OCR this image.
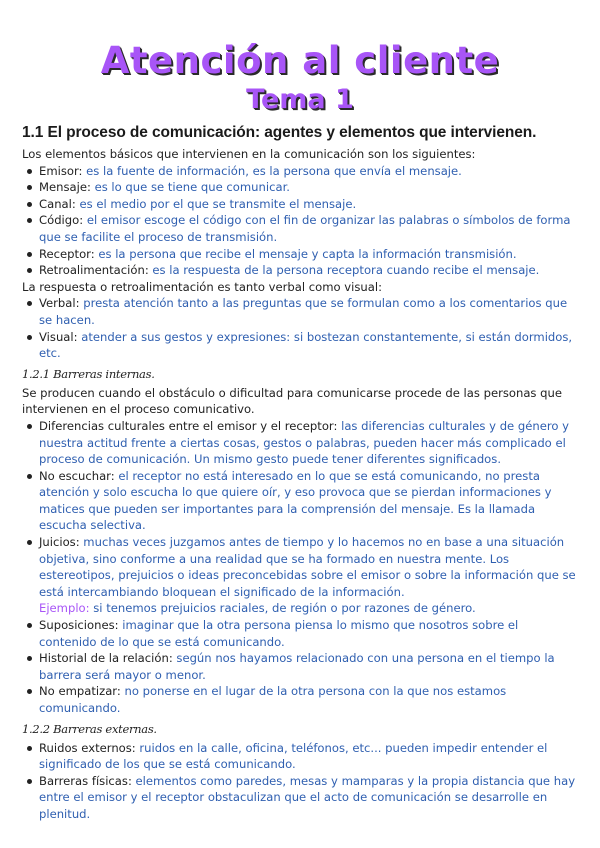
Atención al cliente
Tema 1
1.1 El proceso de comunicación: agentes y elementos que intervienen.

Los elementos básicos que intervienen en la comunicación son los siguientes:

Emisor: es la fuente de información, es la persona que envía el mensaje.
Mensaje: es lo que se tiene que comunicar.
Canal: es el medio por el que se transmite el mensaje.
Código: el emisor escoge el código con el fin de organizar las palabras o símbolos de forma que se facilite el proceso de transmisión.
Receptor: es la persona que recibe el mensaje y capta la información transmisión.
Retroalimentación: es la respuesta de la persona receptora cuando recibe el mensaje.

La respuesta o retroalimentación es tanto verbal como visual:

Verbal: presta atención tanto a las preguntas que se formulan como a los comentarios que se hacen.
Visual: atender a sus gestos y expresiones: si bostezan constantemente, si están dormidos, etc.
1.2.1 Barreras internas.

Se producen cuando el obstáculo o dificultad para comunicarse procede de las personas que intervienen en el proceso comunicativo.

Diferencias culturales entre el emisor y el receptor: las diferencias culturales y de género y nuestra actitud frente a ciertas cosas, gestos o palabras, pueden hacer más complicado el proceso de comunicación. Un mismo gesto puede tener diferentes significados.
No escuchar: el receptor no está interesado en lo que se está comunicando, no presta atención y solo escucha lo que quiere oír, y eso provoca que se pierdan informaciones y matices que pueden ser importantes para la comprensión del mensaje. Es la llamada escucha selectiva.
Juicios: muchas veces juzgamos antes de tiempo y lo hacemos no en base a una situación objetiva, sino conforme a una realidad que se ha formado en nuestra mente. Los estereotipos, prejuicios o ideas preconcebidas sobre el emisor o sobre la información que se está intercambiando bloquean el significado de la información.
Ejemplo: si tenemos prejuicios raciales, de región o por razones de género.
Suposiciones: imaginar que la otra persona piensa lo mismo que nosotros sobre el contenido de lo que se está comunicando.
Historial de la relación: según nos hayamos relacionado con una persona en el tiempo la barrera será mayor o menor.
No empatizar: no ponerse en el lugar de la otra persona con la que nos estamos comunicando.
1.2.2 Barreras externas.
Ruidos externos: ruidos en la calle, oficina, teléfonos, etc... pueden impedir entender el significado de los que se está comunicando.
Barreras físicas: elementos como paredes, mesas y mamparas y la propia distancia que hay entre el emisor y el receptor obstaculizan que el acto de comunicación se desarrolle en plenitud.
